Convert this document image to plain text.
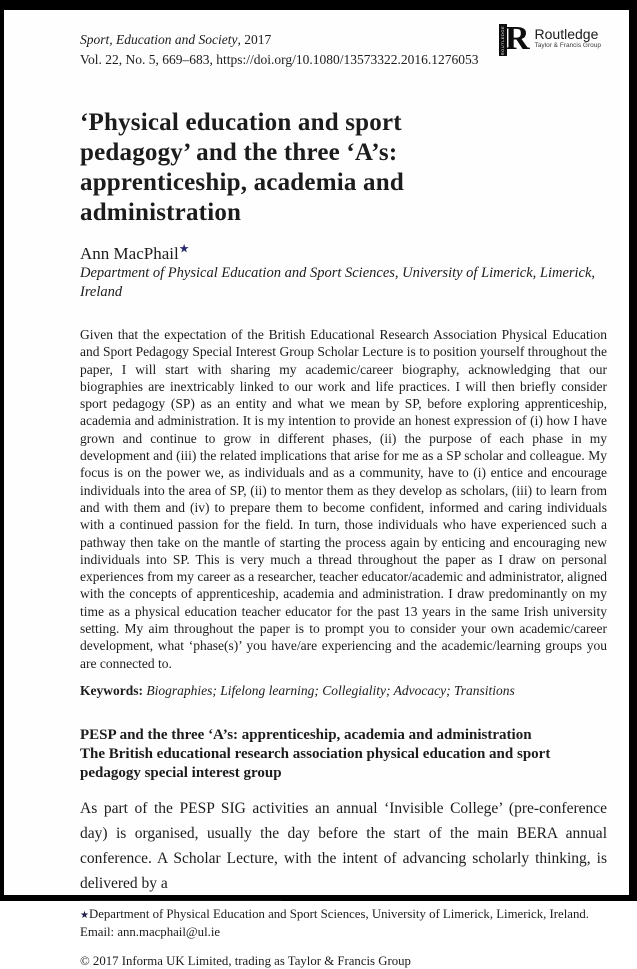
Sport, Education and Society, 2017
Vol. 22, No. 5, 669–683, https://doi.org/10.1080/13573322.2016.1276053
ROUTLEDGE R Routledge
Taylor & Francis Group
‘Physical education and sport
pedagogy’ and the three ‘A’s:
apprenticeship, academia and
administration
Ann MacPhail★
Department of Physical Education and Sport Sciences, University of Limerick, Limerick, Ireland

Given that the expectation of the British Educational Research Association Physical Education and Sport Pedagogy Special Interest Group Scholar Lecture is to position yourself throughout the paper, I will start with sharing my academic/career biography, acknowledging that our biographies are inextricably linked to our work and life practices. I will then briefly consider sport pedagogy (SP) as an entity and what we mean by SP, before exploring apprenticeship, academia and administration. It is my intention to provide an honest expression of (i) how I have grown and continue to grow in different phases, (ii) the purpose of each phase in my development and (iii) the related implications that arise for me as a SP scholar and colleague. My focus is on the power we, as individuals and as a community, have to (i) entice and encourage individuals into the area of SP, (ii) to mentor them as they develop as scholars, (iii) to learn from and with them and (iv) to prepare them to become confident, informed and caring individuals with a continued passion for the field. In turn, those individuals who have experienced such a pathway then take on the mantle of starting the process again by enticing and encouraging new individuals into SP. This is very much a thread throughout the paper as I draw on personal experiences from my career as a researcher, teacher educator/academic and administrator, aligned with the concepts of apprenticeship, academia and administration. I draw predominantly on my time as a physical education teacher educator for the past 13 years in the same Irish university setting. My aim throughout the paper is to prompt you to consider your own academic/career development, what ‘phase(s)’ you have/are experiencing and the academic/learning groups you are connected to.

Keywords: Biographies; Lifelong learning; Collegiality; Advocacy; Transitions
PESP and the three ‘A’s: apprenticeship, academia and administration
The British educational research association physical education and sport
pedagogy special interest group

As part of the PESP SIG activities an annual ‘Invisible College’ (pre-conference day) is organised, usually the day before the start of the main BERA annual conference. A Scholar Lecture, with the intent of advancing scholarly thinking, is delivered by a

★Department of Physical Education and Sport Sciences, University of Limerick, Limerick, Ireland.
Email: ann.macphail@ul.ie
© 2017 Informa UK Limited, trading as Taylor & Francis Group
